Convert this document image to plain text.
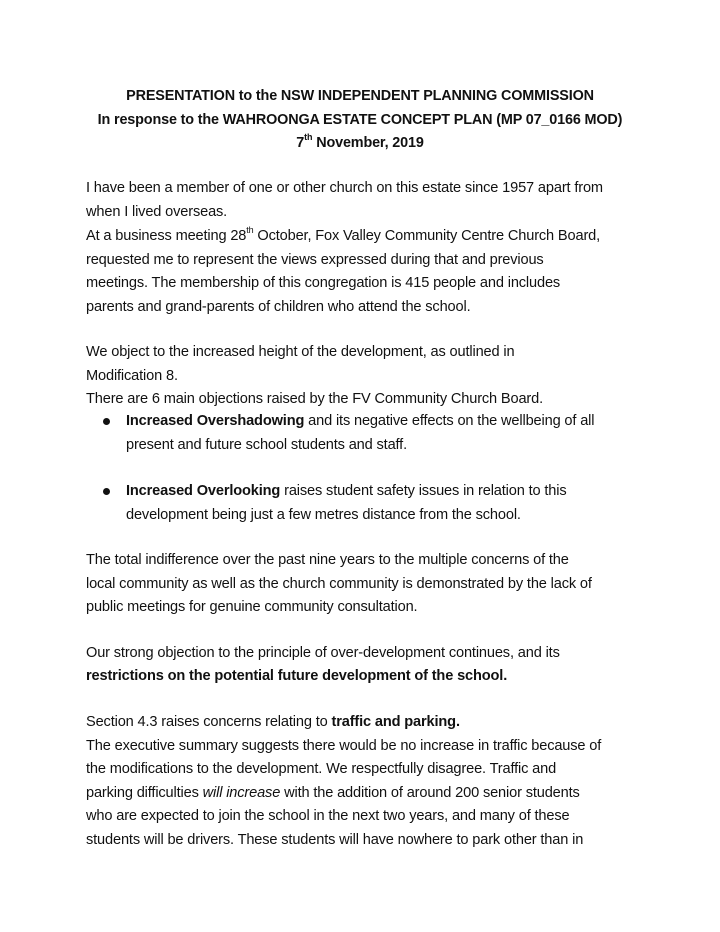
PRESENTATION to the NSW INDEPENDENT PLANNING COMMISSION
In response to the WAHROONGA ESTATE CONCEPT PLAN (MP 07_0166 MOD)
7th November, 2019
I have been a member of one or other church on this estate since 1957 apart from
when I lived overseas.
At a business meeting 28th October, Fox Valley Community Centre Church Board,
requested me to represent the views expressed during that and previous
meetings. The membership of this congregation is 415 people and includes
parents and grand-parents of children who attend the school.
We object to the increased height of the development, as outlined in
Modification 8.
There are 6 main objections raised by the FV Community Church Board.
Increased Overshadowing and its negative effects on the wellbeing of all
present and future school students and staff.
Increased Overlooking raises student safety issues in relation to this
development being just a few metres distance from the school.
The total indifference over the past nine years to the multiple concerns of the
local community as well as the church community is demonstrated by the lack of
public meetings for genuine community consultation.
Our strong objection to the principle of over-development continues, and its
restrictions on the potential future development of the school.
Section 4.3 raises concerns relating to traffic and parking.
The executive summary suggests there would be no increase in traffic because of
the modifications to the development. We respectfully disagree. Traffic and
parking difficulties will increase with the addition of around 200 senior students
who are expected to join the school in the next two years, and many of these
students will be drivers. These students will have nowhere to park other than in
